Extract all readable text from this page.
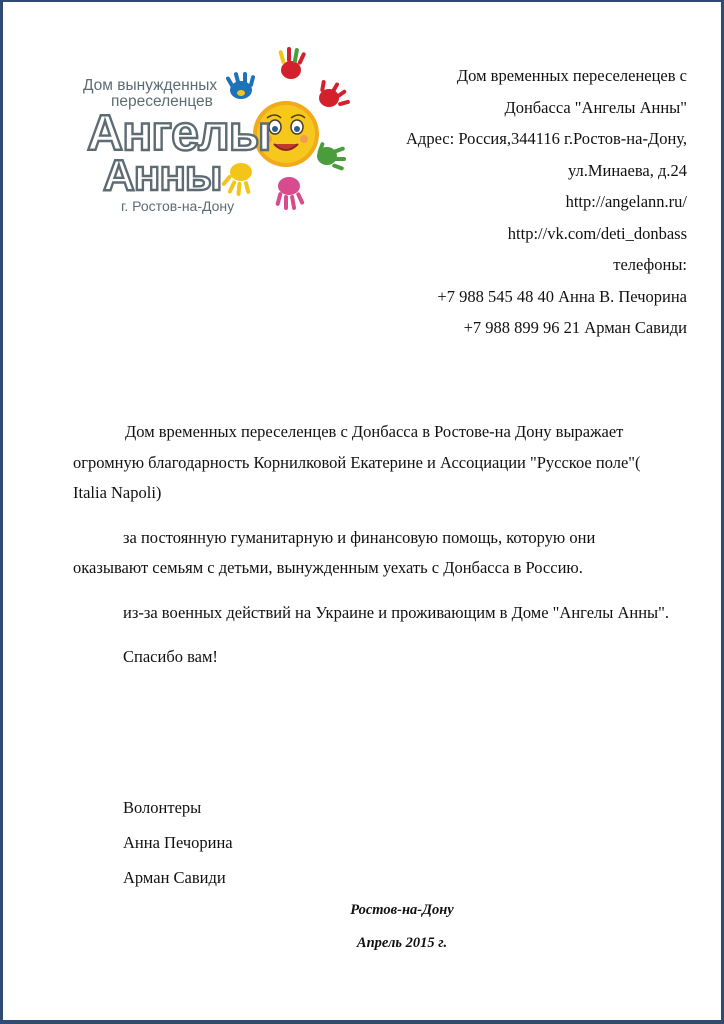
Дом вынужденных
переселенцев
Ангелы
Анны
г. Ростов-на-Дону
Дом временных переселенецев с
Донбасса "Ангелы Анны"
Адрес: Россия,344116 г.Ростов-на-Дону,
ул.Минаева, д.24
http://angelann.ru/
http://vk.com/deti_donbass
телефоны:
+7 988 545 48 40 Анна В. Печорина
+7 988 899 96 21 Арман Савиди

Дом временных переселенцев с Донбасса в Ростове-на Дону выражает огромную благодарность Корнилковой Екатерине и Ассоциации "Русское поле"( Italia Napoli)

за постоянную гуманитарную и финансовую помощь, которую они оказывают семьям с детьми, вынужденным уехать с Донбасса в Россию.

из-за военных действий на Украине и проживающим в Доме "Ангелы Анны".

Спасибо вам!

Волонтеры
Анна Печорина
Арман Савиди
Ростов-на-Дону
Апрель 2015 г.
